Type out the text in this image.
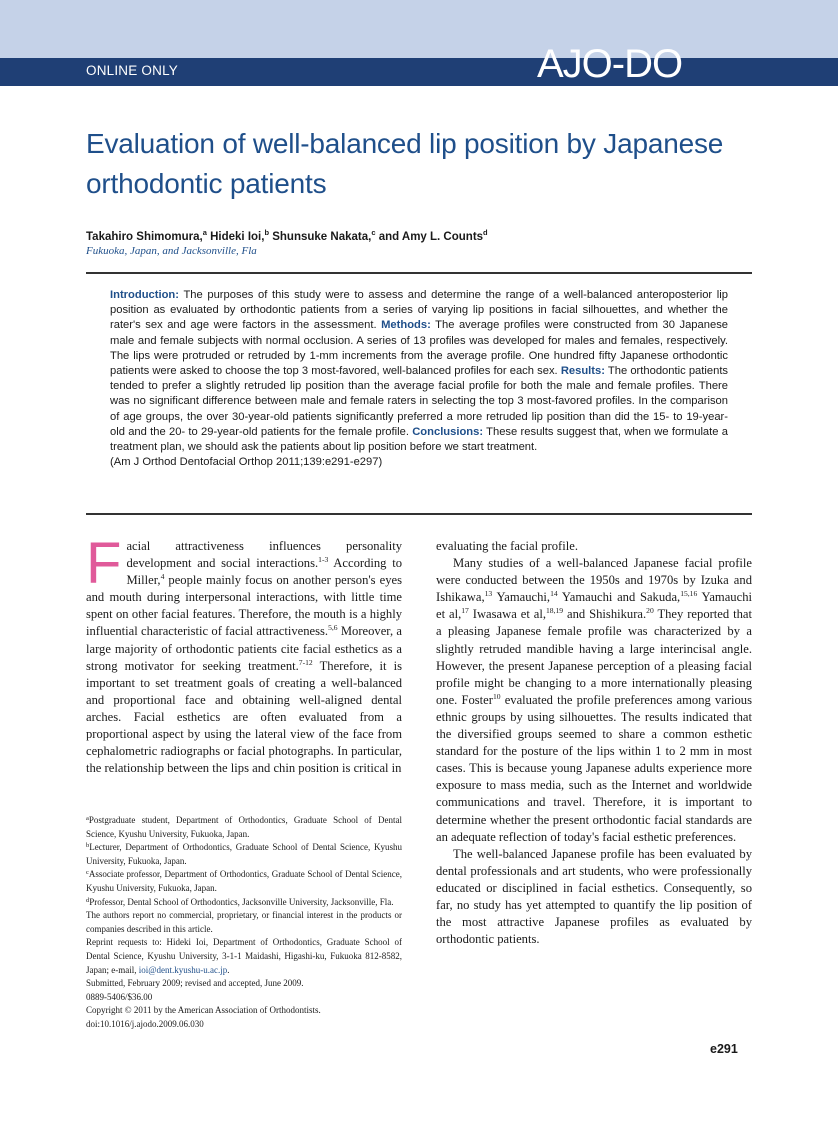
ONLINE ONLY	AJO-DO
Evaluation of well-balanced lip position by Japanese orthodontic patients

Takahiro Shimomura,$^a$ Hideki Ioi,$^b$ Shunsuke Nakata,$^c$ and Amy L. Counts$^d$

Fukuoka, Japan, and Jacksonville, Fla

Introduction: The purposes of this study were to assess and determine the range of a well-balanced anteroposterior lip position as evaluated by orthodontic patients from a series of varying lip positions in facial silhouettes, and whether the rater's sex and age were factors in the assessment. Methods: The average profiles were constructed from 30 Japanese male and female subjects with normal occlusion. A series of 13 profiles was developed for males and females, respectively. The lips were protruded or retruded by 1-mm increments from the average profile. One hundred fifty Japanese orthodontic patients were asked to choose the top 3 most-favored, well-balanced profiles for each sex. Results: The orthodontic patients tended to prefer a slightly retruded lip position than the average facial profile for both the male and female profiles. There was no significant difference between male and female raters in selecting the top 3 most-favored profiles. In the comparison of age groups, the over 30-year-old patients significantly preferred a more retruded lip position than did the 15- to 19-year-old and the 20- to 29-year-old patients for the female profile. Conclusions: These results suggest that, when we formulate a treatment plan, we should ask the patients about lip position before we start treatment.
(Am J Orthod Dentofacial Orthop 2011;139:e291-e297)

Facial attractiveness influences personality development and social interactions.$^{1-3}$ According to Miller,$^4$ people mainly focus on another person's eyes and mouth during interpersonal interactions, with little time spent on other facial features. Therefore, the mouth is a highly influential characteristic of facial attractiveness.$^{5,6}$ Moreover, a large majority of orthodontic patients cite facial esthetics as a strong motivator for seeking treatment.$^{7-12}$ Therefore, it is important to set treatment goals of creating a well-balanced and proportional face and obtaining well-aligned dental arches. Facial esthetics are often evaluated from a proportional aspect by using the lateral view of the face from cephalometric radiographs or facial photographs. In particular, the relationship between the lips and chin position is critical in

$^a$Postgraduate student, Department of Orthodontics, Graduate School of Dental Science, Kyushu University, Fukuoka, Japan.

$^b$Lecturer, Department of Orthodontics, Graduate School of Dental Science, Kyushu University, Fukuoka, Japan.

$^c$Associate professor, Department of Orthodontics, Graduate School of Dental Science, Kyushu University, Fukuoka, Japan.

$^d$Professor, Dental School of Orthodontics, Jacksonville University, Jacksonville, Fla.

The authors report no commercial, proprietary, or financial interest in the products or companies described in this article.

Reprint requests to: Hideki Ioi, Department of Orthodontics, Graduate School of Dental Science, Kyushu University, 3-1-1 Maidashi, Higashi-ku, Fukuoka 812-8582, Japan; e-mail, ioi@dent.kyushu-u.ac.jp.

Submitted, February 2009; revised and accepted, June 2009.

0889-5406/$36.00

Copyright © 2011 by the American Association of Orthodontists.

doi:10.1016/j.ajodo.2009.06.030

evaluating the facial profile.

Many studies of a well-balanced Japanese facial profile were conducted between the 1950s and 1970s by Izuka and Ishikawa,$^{13}$ Yamauchi,$^{14}$ Yamauchi and Sakuda,$^{15,16}$ Yamauchi et al,$^{17}$ Iwasawa et al,$^{18,19}$ and Shishikura.$^{20}$ They reported that a pleasing Japanese female profile was characterized by a slightly retruded mandible having a large interincisal angle. However, the present Japanese perception of a pleasing facial profile might be changing to a more internationally pleasing one. Foster$^{10}$ evaluated the profile preferences among various ethnic groups by using silhouettes. The results indicated that the diversified groups seemed to share a common esthetic standard for the posture of the lips within 1 to 2 mm in most cases. This is because young Japanese adults experience more exposure to mass media, such as the Internet and worldwide communications and travel. Therefore, it is important to determine whether the present orthodontic facial standards are an adequate reflection of today's facial esthetic preferences.

The well-balanced Japanese profile has been evaluated by dental professionals and art students, who were professionally educated or disciplined in facial esthetics. Consequently, so far, no study has yet attempted to quantify the lip position of the most attractive Japanese profiles as evaluated by orthodontic patients.

e291
